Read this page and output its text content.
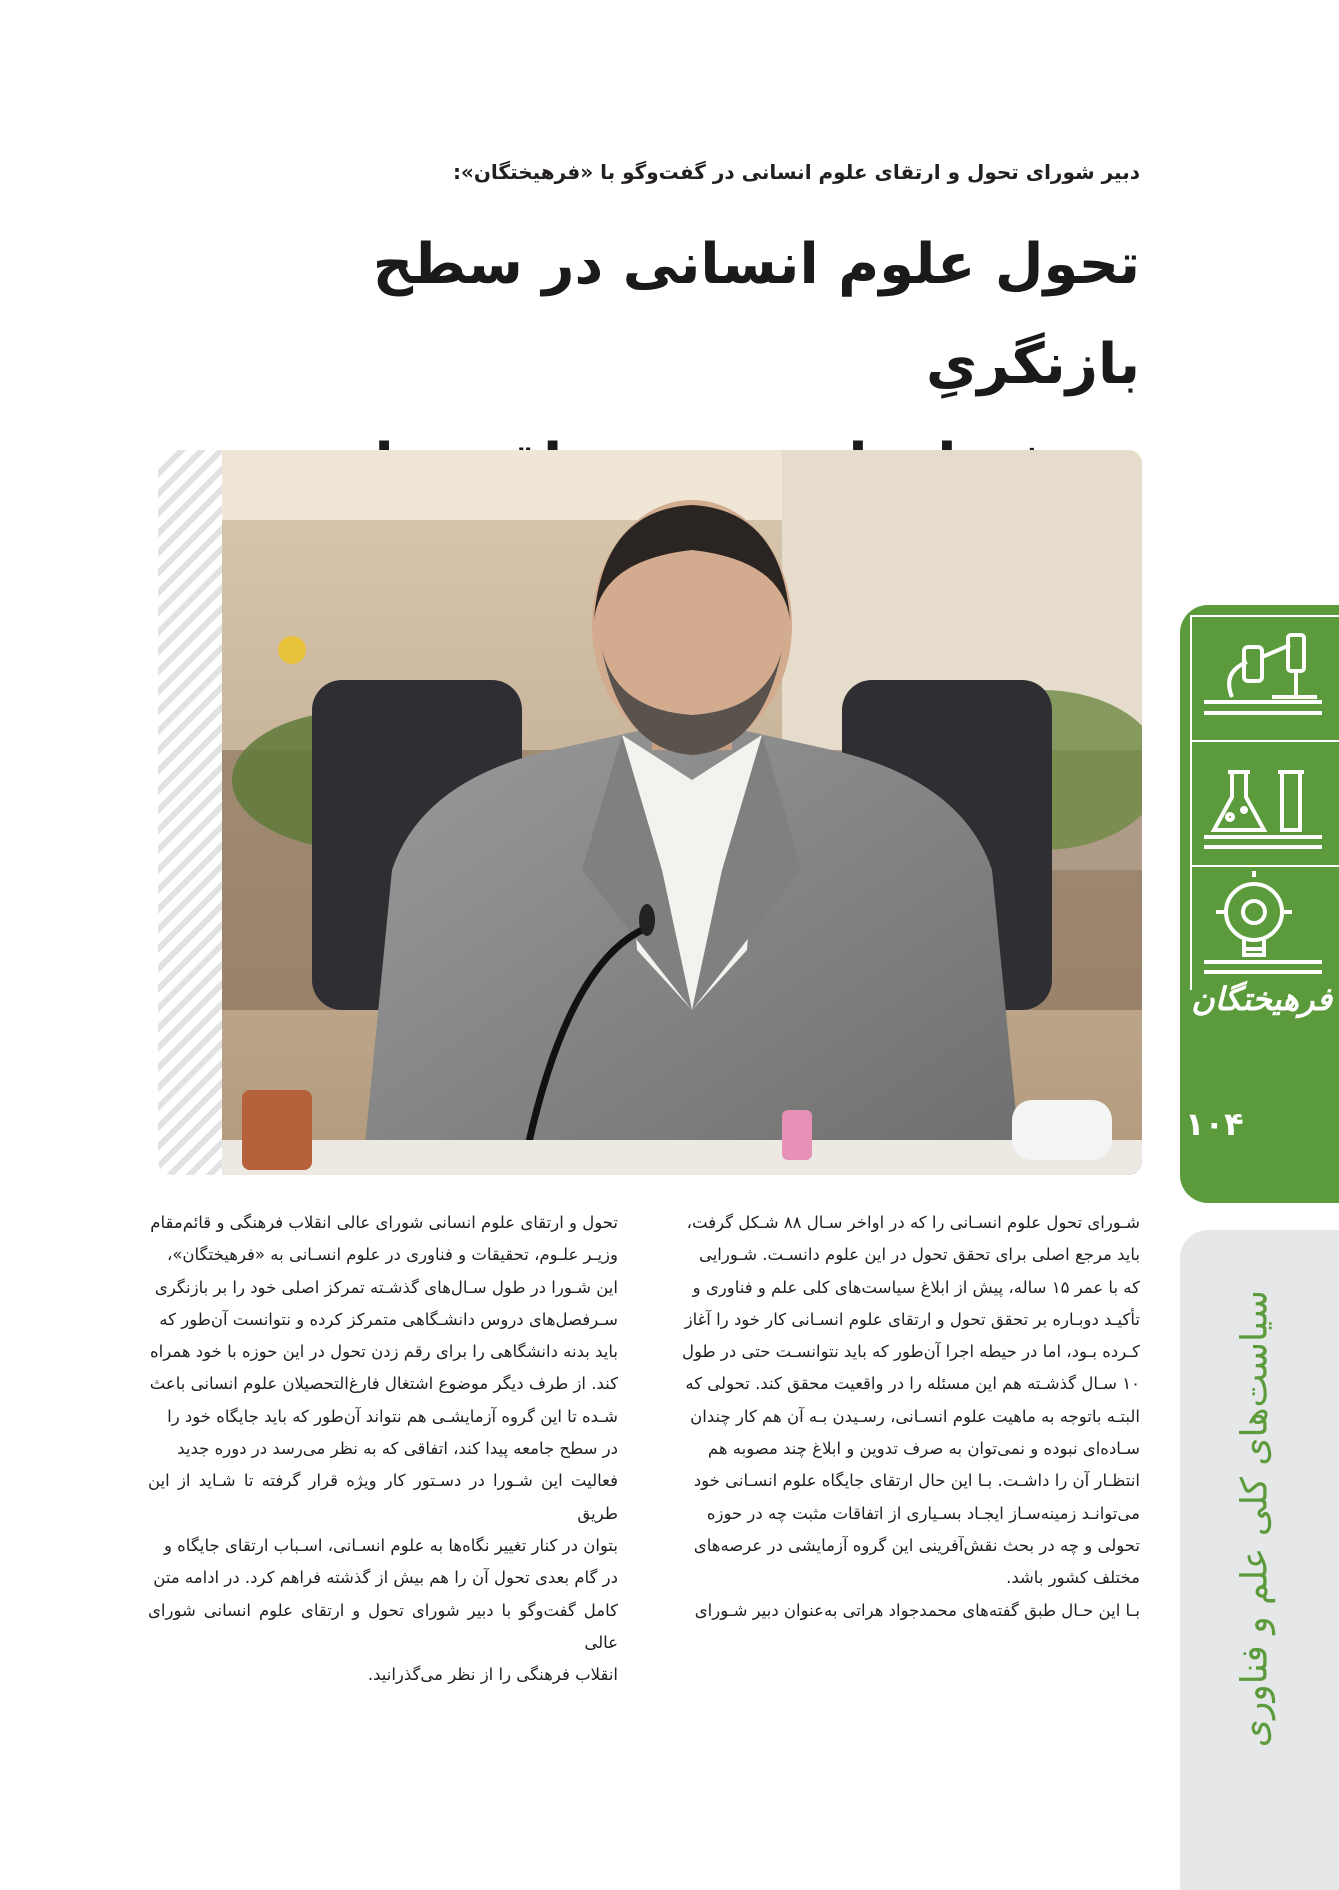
دبیر شورای تحول و ارتقای علوم انسانی در گفت‌وگو با «فرهیختگان»:
تحول علوم انسانی در سطح بازنگریِ

شـورای تحول علوم انسـانی را که در اواخر سـال ۸۸ شـکل گرفت،

باید مرجع اصلی برای تحقق تحول در این علوم دانسـت. شـورایی

که با عمر ۱۵ ساله، پیش از ابلاغ سیاست‌های کلی علم و فناوری و

تأکیـد دوبـاره بر تحقق تحول و ارتقای علوم انسـانی کار خود را آغاز

کـرده بـود، اما در حیطه اجرا آن‌طور که باید نتوانسـت حتی در طول

۱۰ سـال گذشـته هم این مسئله را در واقعیت محقق کند. تحولی که

البتـه باتوجه به ماهیت علوم انسـانی، رسـیدن بـه آن هم کار چندان

سـاده‌ای نبوده و نمی‌توان به صرف تدوین و ابلاغ چند مصوبه هم

انتظـار آن را داشـت. بـا این حال ارتقای جایگاه علوم انسـانی خود

می‌توانـد زمینه‌سـاز ایجـاد بسـیاری از اتفاقات مثبت چه در حوزه

تحولی و چه در بحث نقش‌آفرینی این گروه آزمایشی در عرصه‌های

مختلف کشور باشد.

بـا این حـال طبق گفته‌های محمدجواد هراتی به‌عنوان دبیر شـورای

تحول و ارتقای علوم انسانی شورای عالی انقلاب فرهنگی و قائم‌مقام

وزیـر علـوم، تحقیقات و فناوری در علوم انسـانی به «فرهیختگان»،

این شـورا در طول سـال‌های گذشـته تمرکز اصلی خود را بر بازنگری

سـرفصل‌های دروس دانشـگاهی متمرکز کرده و نتوانست آن‌طور که

باید بدنه دانشگاهی را برای رقم زدن تحول در این حوزه با خود همراه

کند. از طرف دیگر موضوع اشتغال فارغ‌التحصیلان علوم انسانی باعث

شـده تا این گروه آزمایشـی هم نتواند آن‌طور که باید جایگاه خود را

در سطح جامعه پیدا کند، اتفاقی که به نظر می‌رسد در دوره جدید

فعالیت این شـورا در دسـتور کار ویژه قرار گرفته تا شـاید از این طریق

بتوان در کنار تغییر نگاه‌ها به علوم انسـانی، اسـباب ارتقای جایگاه و

در گام بعدی تحول آن را هم بیش از گذشته فراهم کرد. در ادامه متن

کامل گفت‌وگو با دبیر شورای تحول و ارتقای علوم انسانی شورای عالی

انقلاب فرهنگی را از نظر می‌گذرانید.

فرهیختگان
۱۰۴
سیاست‌های کلی علم و فناوری
